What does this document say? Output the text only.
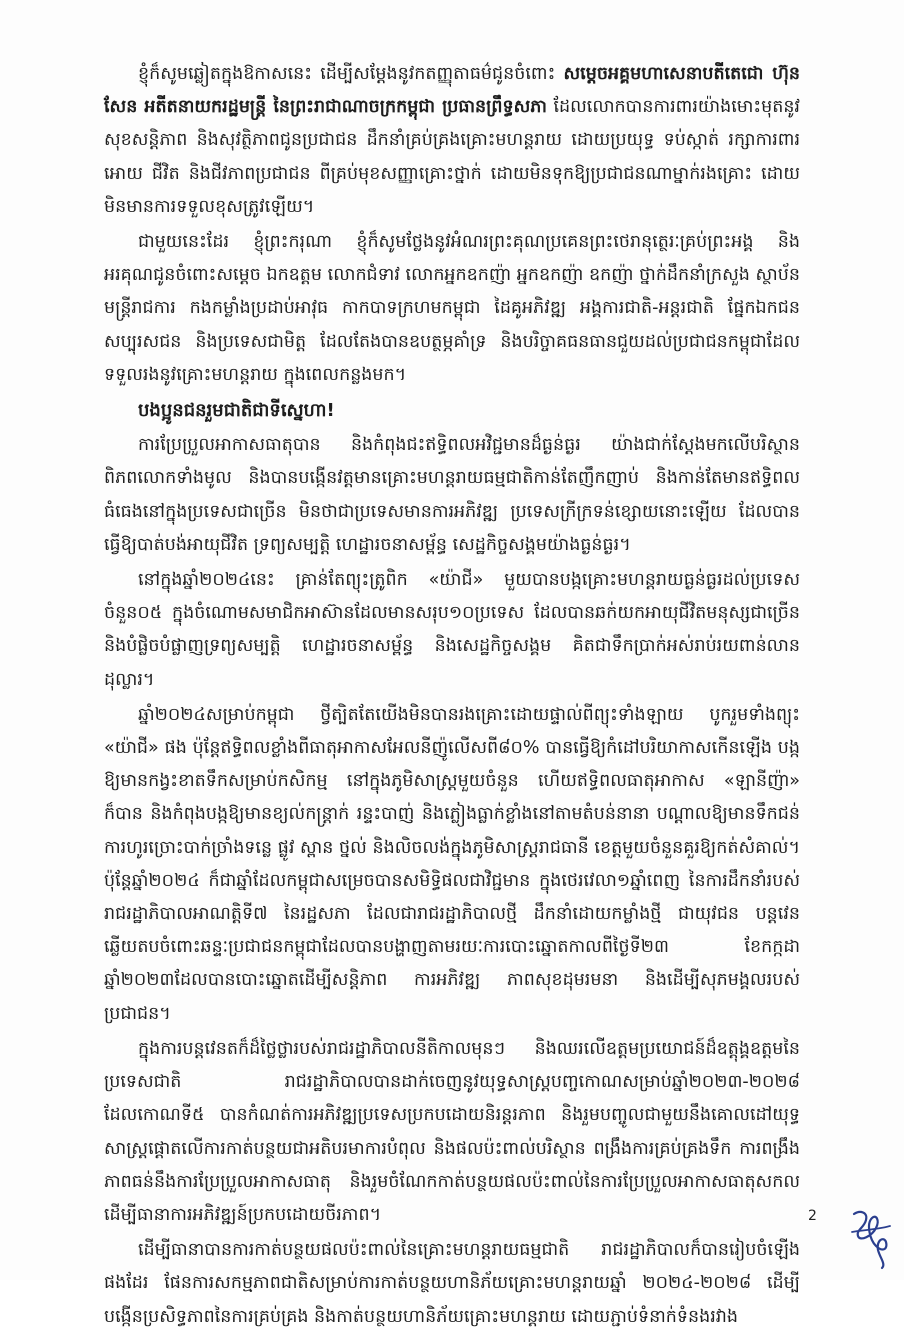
ខ្ញុំក៏សូមឆ្លៀតក្នុងឱកាសនេះ ដើម្បីសម្តែងនូវកតញ្ញុតាធម៌ជូនចំពោះ សម្តេចអគ្គមហាសេនាបតីតេជោ ហ៊ុន សែន អតីតនាយករដ្ឋមន្ត្រី នៃព្រះរាជាណាចក្រកម្ពុជា ប្រធានព្រឹទ្ធសភា ដែលលោកបានការពារយ៉ាងមោះមុតនូវសុខសន្តិភាព និងសុវត្ថិភាពជូនប្រជាជន ដឹកនាំគ្រប់គ្រងគ្រោះមហន្តរាយ ដោយប្រយុទ្ធ ទប់ស្កាត់ រក្សាការពារអោយ ជីវិត និងជីវភាពប្រជាជន ពីគ្រប់មុខសញ្ញាគ្រោះថ្នាក់ ដោយមិនទុកឱ្យប្រជាជនណាម្នាក់រងគ្រោះ ដោយមិនមានការទទួលខុសត្រូវឡើយ។

ជាមួយនេះដែរ ខ្ញុំព្រះករុណា ខ្ញុំក៏សូមថ្លែងនូវអំណរព្រះគុណប្រគេនព្រះថេរានុត្ថេរៈគ្រប់ព្រះអង្គ និងអរគុណជូនចំពោះសម្តេច ឯកឧត្តម លោកជំទាវ លោកអ្នកឧកញ៉ា អ្នកឧកញ៉ា ឧកញ៉ា ថ្នាក់ដឹកនាំក្រសួង ស្ថាប័ន មន្ត្រីរាជការ កងកម្លាំងប្រដាប់អាវុធ កាកបាទក្រហមកម្ពុជា ដៃគូអភិវឌ្ឍ អង្គការជាតិ-អន្តរជាតិ ផ្នែកឯកជន សប្បុរសជន និងប្រទេសជាមិត្ត ដែលតែងបានឧបត្ថម្ភគាំទ្រ និងបរិច្ចាគធនធានជួយដល់ប្រជាជនកម្ពុជាដែលទទួលរងនូវគ្រោះមហន្តរាយ ក្នុងពេលកន្លងមក។

បងប្អូនជនរួមជាតិជាទីស្នេហា!

ការប្រែប្រួលអាកាសធាតុបាន និងកំពុងជះឥទ្ធិពលអវិជ្ជមានដ៏ធ្ងន់ធ្ងរ យ៉ាងជាក់ស្តែងមកលើបរិស្ថានពិភពលោកទាំងមូល និងបានបង្កើនវត្តមានគ្រោះមហន្តរាយធម្មជាតិកាន់តែញឹកញាប់ និងកាន់តែមានឥទ្ធិពលធំធេងនៅក្នុងប្រទេសជាច្រើន មិនថាជាប្រទេសមានការអភិវឌ្ឍ ប្រទេសក្រីក្រទន់ខ្សោយនោះឡើយ ដែលបានធ្វើឱ្យបាត់បង់អាយុជីវិត ទ្រព្យសម្បត្តិ ហេដ្ឋារចនាសម្ព័ន្ធ សេដ្ឋកិច្ចសង្គមយ៉ាងធ្ងន់ធ្ងរ។

នៅក្នុងឆ្នាំ២០២៤នេះ គ្រាន់តែព្យុះត្រូពិក «យ៉ាជី» មួយបានបង្កគ្រោះមហន្តរាយធ្ងន់ធ្ងរដល់ប្រទេសចំនួន០៥ ក្នុងចំណោមសមាជិកអាស៊ានដែលមានសរុប១០ប្រទេស ដែលបានឆក់យកអាយុជីវិតមនុស្សជាច្រើន និងបំផ្លិចបំផ្លាញទ្រព្យសម្បត្តិ ហេដ្ឋារចនាសម្ព័ន្ធ និងសេដ្ឋកិច្ចសង្គម គិតជាទឹកប្រាក់អស់រាប់រយពាន់លានដុល្លារ។

ឆ្នាំ២០២៤សម្រាប់កម្ពុជា ថ្វីត្បិតតែយើងមិនបានរងគ្រោះដោយផ្ទាល់ពីព្យុះទាំងឡាយ បូករួមទាំងព្យុះ «យ៉ាជី» ផង ប៉ុន្តែឥទ្ធិពលខ្លាំងពីធាតុអាកាសអែលនីញ៉ូលើសពី៨០% បានធ្វើឱ្យកំដៅបរិយាកាសកើនឡើង បង្កឱ្យមានកង្វះខាតទឹកសម្រាប់កសិកម្ម នៅក្នុងភូមិសាស្ត្រមួយចំនួន ហើយឥទ្ធិពលធាតុអាកាស «ឡានីញ៉ា» ក៏បាន និងកំពុងបង្កឱ្យមានខ្យល់កន្ត្រាក់ រន្ទះបាញ់ និងភ្លៀងធ្លាក់ខ្លាំងនៅតាមតំបន់នានា បណ្តាលឱ្យមានទឹកជន់ការហូរច្រោះបាក់ច្រាំងទន្លេ ផ្លូវ ស្ពាន ថ្នល់ និងលិចលង់ក្នុងភូមិសាស្ត្ររាជធានី ខេត្តមួយចំនួនគួរឱ្យកត់សំគាល់។ ប៉ុន្តែឆ្នាំ២០២៤ ក៏ជាឆ្នាំដែលកម្ពុជាសម្រេចបានសមិទ្ធិផលជាវិជ្ជមាន ក្នុងថេរវេលា១ឆ្នាំពេញ នៃការដឹកនាំរបស់រាជរដ្ឋាភិបាលអាណត្តិទី៧ នៃរដ្ឋសភា ដែលជារាជរដ្ឋាភិបាលថ្មី ដឹកនាំដោយកម្លាំងថ្មី ជាយុវជន បន្តវេនឆ្លើយតបចំពោះឆន្ទៈប្រជាជនកម្ពុជាដែលបានបង្ហាញតាមរយៈការបោះឆ្នោតកាលពីថ្ងៃទី២៣ ខែកក្កដា ឆ្នាំ២០២៣ដែលបានបោះឆ្នោតដើម្បីសន្តិភាព ការអភិវឌ្ឍ ភាពសុខដុមរមនា និងដើម្បីសុភមង្គលរបស់ប្រជាជន។

ក្នុងការបន្តវេនតក៏ដ៏ថ្លៃថ្លារបស់រាជរដ្ឋាភិបាលនីតិកាលមុនៗ និងឈរលើឧត្តមប្រយោជន៍ដ៏ឧត្តុង្គឧត្តមនៃប្រទេសជាតិ រាជរដ្ឋាភិបាលបានដាក់ចេញនូវយុទ្ធសាស្ត្របញ្ចកោណសម្រាប់ឆ្នាំ២០២៣-២០២៨ ដែលកោណទី៥ បានកំណត់ការអភិវឌ្ឍប្រទេសប្រកបដោយនិរន្តរភាព និងរួមបញ្ចូលជាមួយនឹងគោលដៅយុទ្ធសាស្ត្រផ្តោតលើការកាត់បន្ថយជាអតិបរមាការបំពុល និងផលប៉ះពាល់បរិស្ថាន ពង្រឹងការគ្រប់គ្រងទឹក ការពង្រឹងភាពធន់នឹងការប្រែប្រួលអាកាសធាតុ និងរួមចំណែកកាត់បន្ថយផលប៉ះពាល់នៃការប្រែប្រួលអាកាសធាតុសកល ដើម្បីធានាការអភិវឌ្ឍន៍ប្រកបដោយចីរភាព។

ដើម្បីធានាបានការកាត់បន្ថយផលប៉ះពាល់នៃគ្រោះមហន្តរាយធម្មជាតិ រាជរដ្ឋាភិបាលក៏បានរៀបចំឡើងផងដែរ ផែនការសកម្មភាពជាតិសម្រាប់ការកាត់បន្ថយហានិភ័យគ្រោះមហន្តរាយឆ្នាំ ២០២៤-២០២៨ ដើម្បីបង្កើនប្រសិទ្ធភាពនៃការគ្រប់គ្រង និងកាត់បន្ថយហានិភ័យគ្រោះមហន្តរាយ ដោយភ្ជាប់ទំនាក់ទំនងរវាង

2
